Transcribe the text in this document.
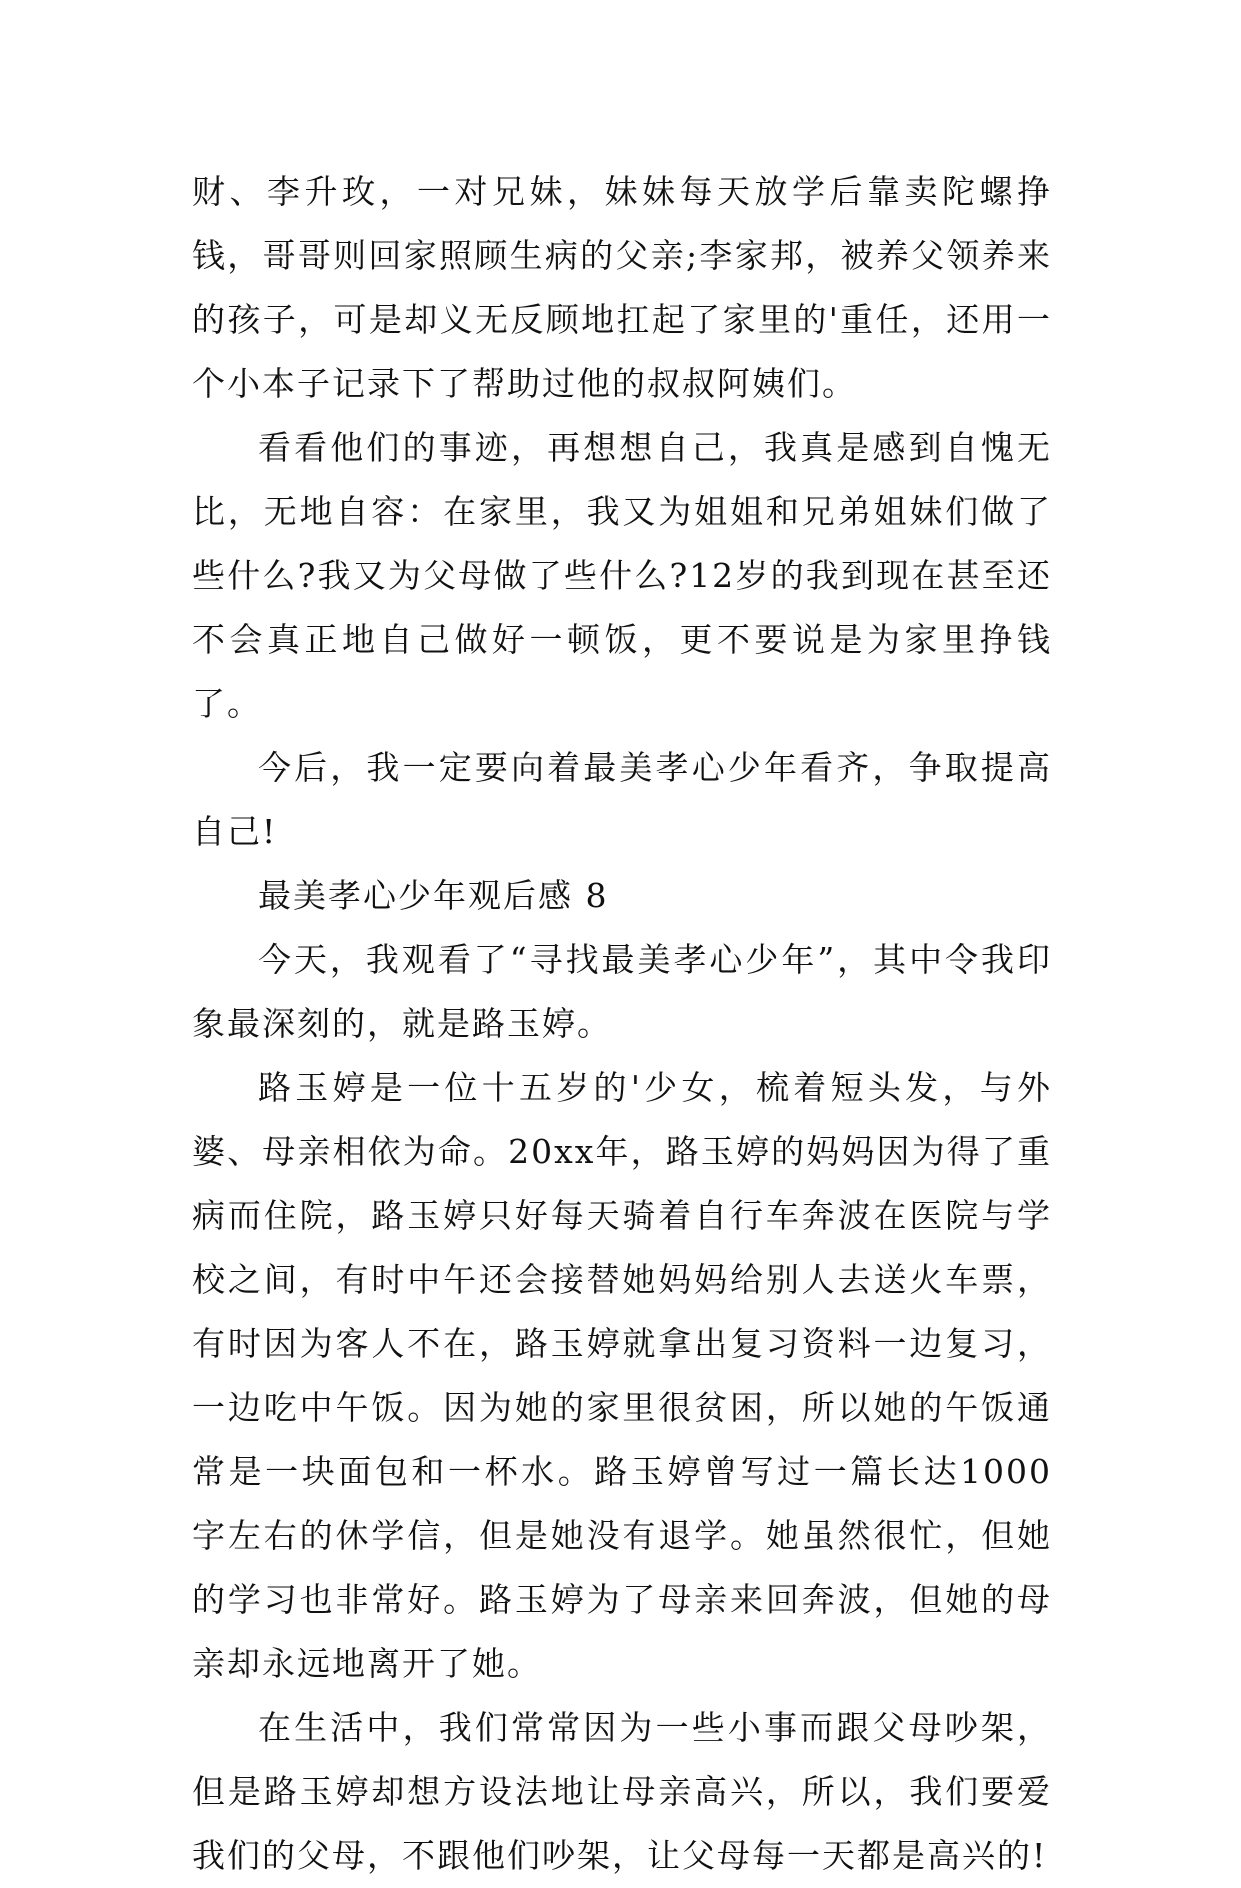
财、李升玫，一对兄妹，妹妹每天放学后靠卖陀螺挣钱，哥哥则回家照顾生病的父亲;李家邦，被养父领养来的孩子，可是却义无反顾地扛起了家里的'重任，还用一个小本子记录下了帮助过他的叔叔阿姨们。

看看他们的事迹，再想想自己，我真是感到自愧无比，无地自容：在家里，我又为姐姐和兄弟姐妹们做了些什么?我又为父母做了些什么?12岁的我到现在甚至还不会真正地自己做好一顿饭，更不要说是为家里挣钱了。

今后，我一定要向着最美孝心少年看齐，争取提高自己!

最美孝心少年观后感 8

今天，我观看了“寻找最美孝心少年”，其中令我印象最深刻的，就是路玉婷。

路玉婷是一位十五岁的'少女，梳着短头发，与外婆、母亲相依为命。20xx年，路玉婷的妈妈因为得了重病而住院，路玉婷只好每天骑着自行车奔波在医院与学校之间，有时中午还会接替她妈妈给别人去送火车票，有时因为客人不在，路玉婷就拿出复习资料一边复习，一边吃中午饭。因为她的家里很贫困，所以她的午饭通常是一块面包和一杯水。路玉婷曾写过一篇长达1000字左右的休学信，但是她没有退学。她虽然很忙，但她的学习也非常好。路玉婷为了母亲来回奔波，但她的母亲却永远地离开了她。

在生活中，我们常常因为一些小事而跟父母吵架，但是路玉婷却想方设法地让母亲高兴，所以，我们要爱我们的父母，不跟他们吵架，让父母每一天都是高兴的!
